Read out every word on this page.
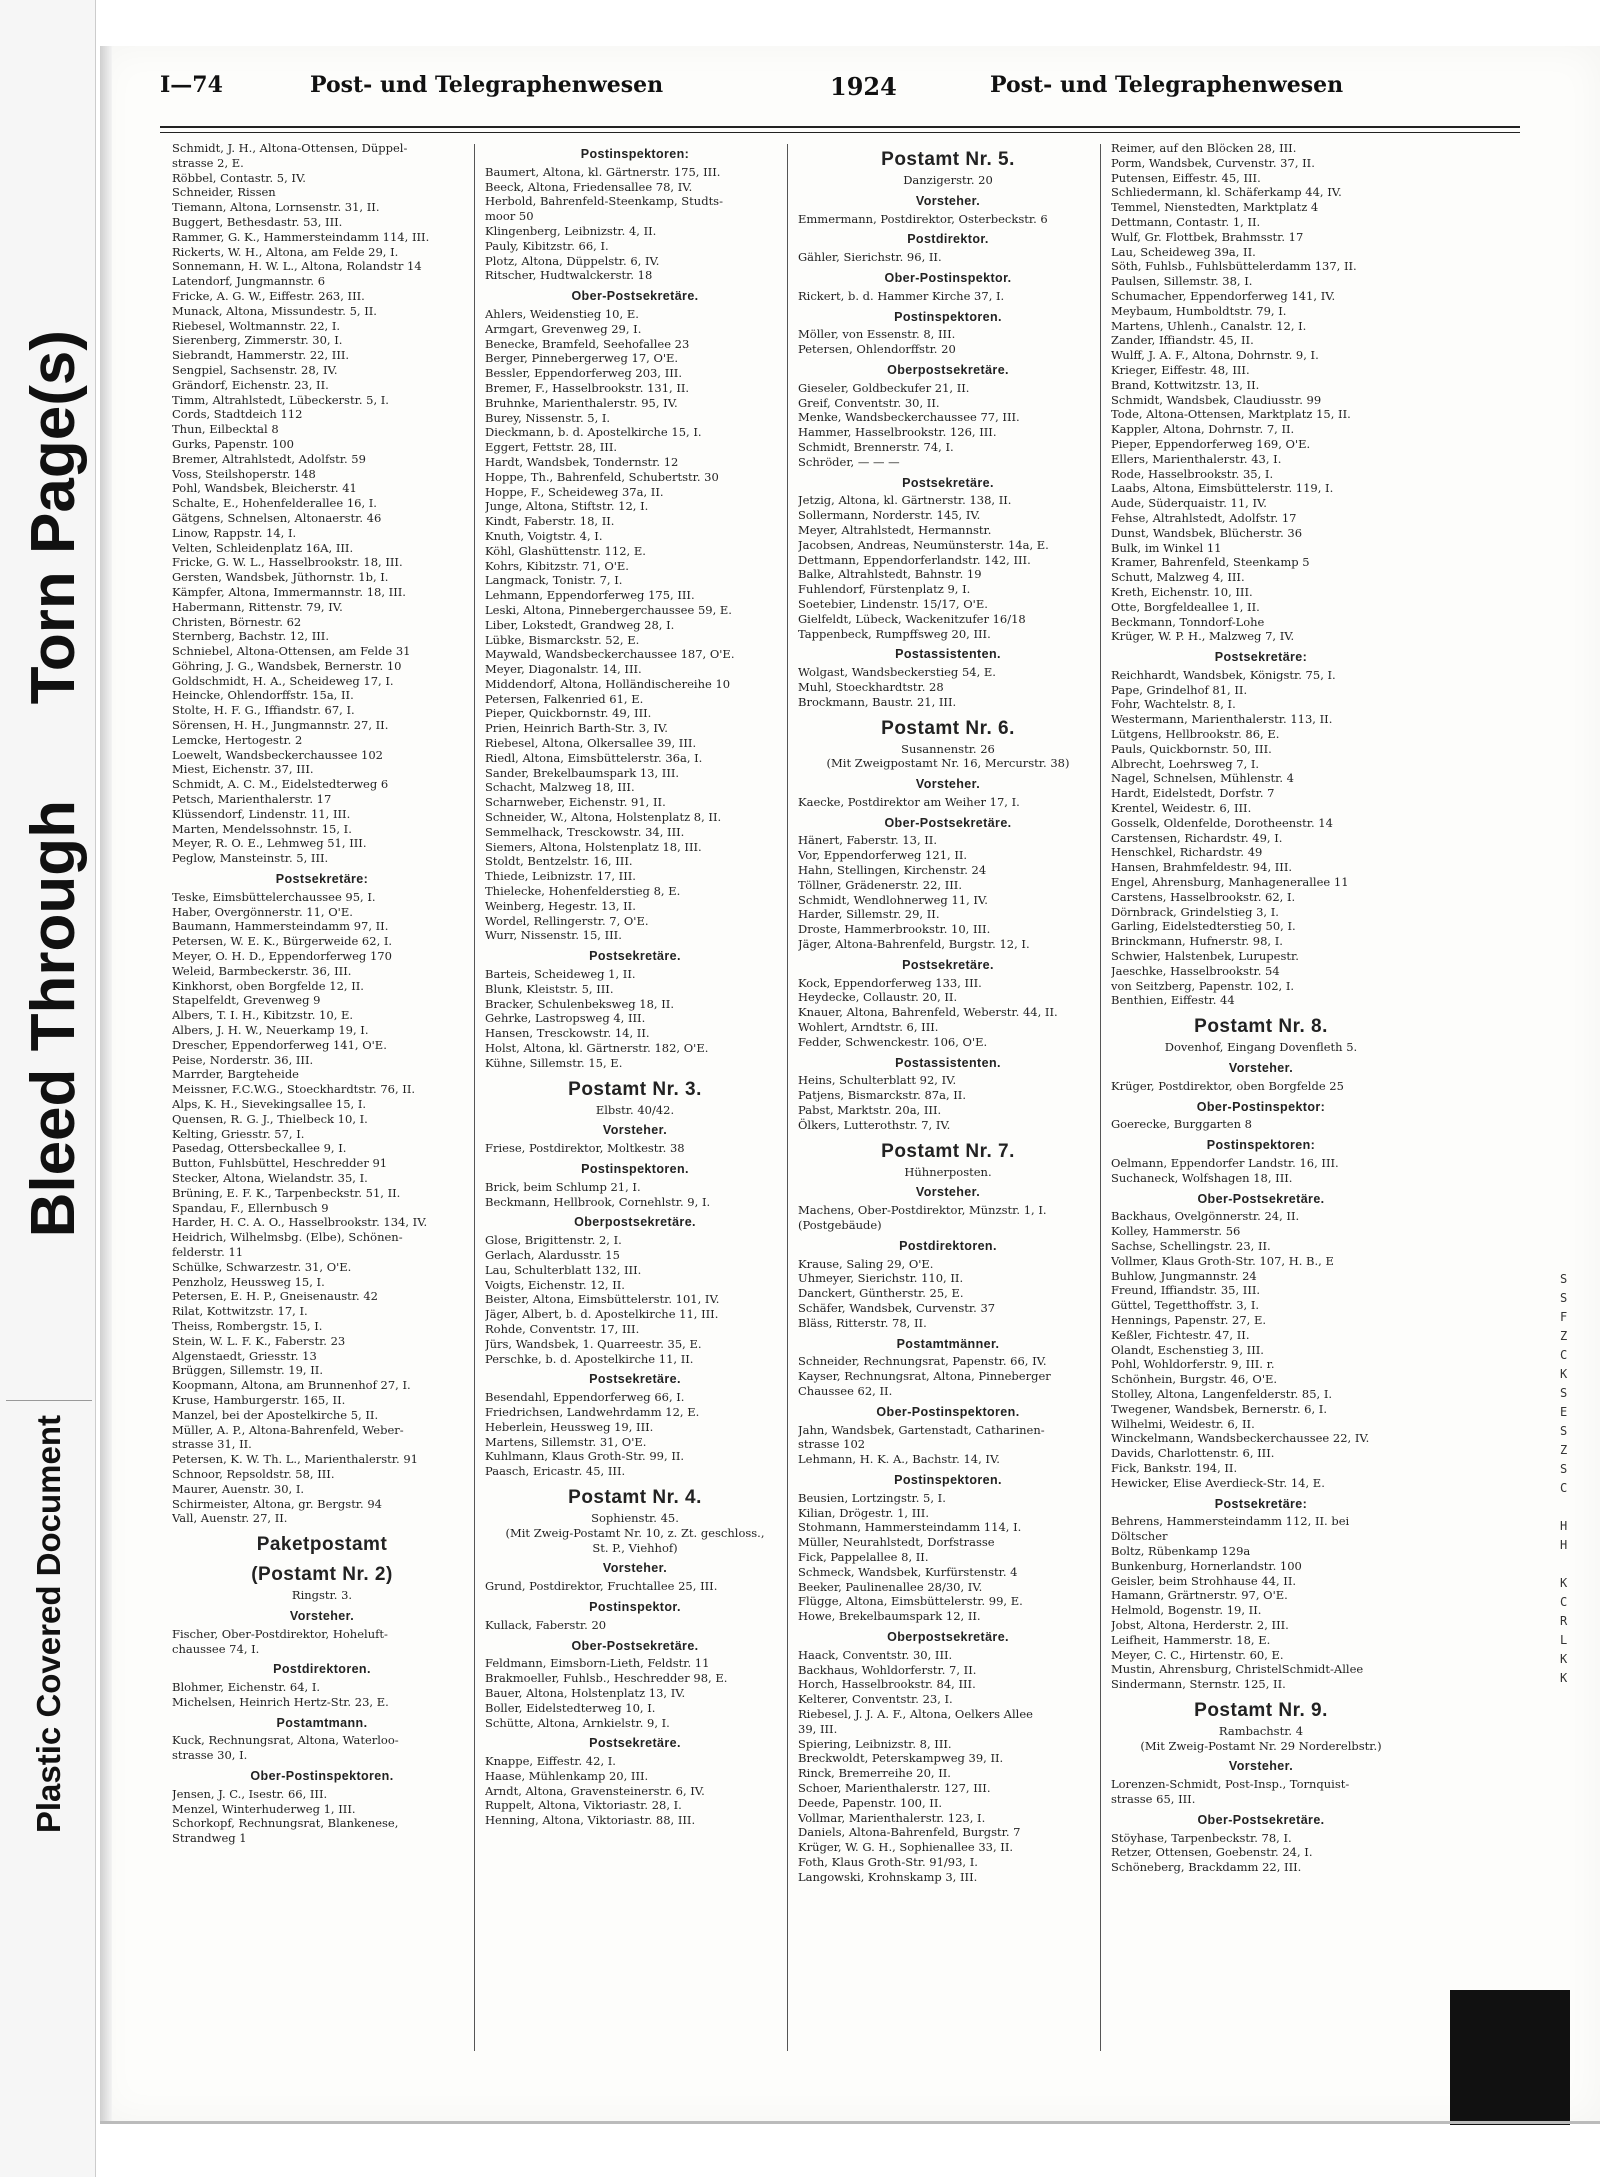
Torn Page(s)
Bleed Through
Plastic Covered Document
I—74	Post- und Telegraphenwesen	1924	Post- und Telegraphenwesen
Schmidt, J. H., Altona-Ottensen, Düppel-
strasse 2, E.
Röbbel, Contastr. 5, IV.
Schneider, Rissen
Tiemann, Altona, Lornsenstr. 31, II.
Buggert, Bethesdastr. 53, III.
Rammer, G. K., Hammersteindamm 114, III.
Rickerts, W. H., Altona, am Felde 29, I.
Sonnemann, H. W. L., Altona, Rolandstr 14
Latendorf, Jungmannstr. 6
Fricke, A. G. W., Eiffestr. 263, III.
Munack, Altona, Missundestr. 5, II.
Riebesel, Woltmannstr. 22, I.
Sierenberg, Zimmerstr. 30, I.
Siebrandt, Hammerstr. 22, III.
Sengpiel, Sachsenstr. 28, IV.
Grändorf, Eichenstr. 23, II.
Timm, Altrahlstedt, Lübeckerstr. 5, I.
Cords, Stadtdeich 112
Thun, Eilbecktal 8
Gurks, Papenstr. 100
Bremer, Altrahlstedt, Adolfstr. 59
Voss, Steilshoperstr. 148
Pohl, Wandsbek, Bleicherstr. 41
Schalte, E., Hohenfelderallee 16, I.
Gätgens, Schnelsen, Altonaerstr. 46
Linow, Rappstr. 14, I.
Velten, Schleidenplatz 16A, III.
Fricke, G. W. L., Hasselbrookstr. 18, III.
Gersten, Wandsbek, Jüthornstr. 1b, I.
Kämpfer, Altona, Immermannstr. 18, III.
Habermann, Rittenstr. 79, IV.
Christen, Börnestr. 62
Sternberg, Bachstr. 12, III.
Schniebel, Altona-Ottensen, am Felde 31
Göhring, J. G., Wandsbek, Bernerstr. 10
Goldschmidt, H. A., Scheideweg 17, I.
Heincke, Ohlendorffstr. 15a, II.
Stolte, H. F. G., Iffiandstr. 67, I.
Sörensen, H. H., Jungmannstr. 27, II.
Lemcke, Hertogestr. 2
Loewelt, Wandsbeckerchaussee 102
Miest, Eichenstr. 37, III.
Schmidt, A. C. M., Eidelstedterweg 6
Petsch, Marienthalerstr. 17
Klüssendorf, Lindenstr. 11, III.
Marten, Mendelssohnstr. 15, I.
Meyer, R. O. E., Lehmweg 51, III.
Peglow, Mansteinstr. 5, III.
Postsekretäre:
Teske, Eimsbüttelerchaussee 95, I.
Haber, Overgönnerstr. 11, O'E.
Baumann, Hammersteindamm 97, II.
Petersen, W. E. K., Bürgerweide 62, I.
Meyer, O. H. D., Eppendorferweg 170
Weleid, Barmbeckerstr. 36, III.
Kinkhorst, oben Borgfelde 12, II.
Stapelfeldt, Grevenweg 9
Albers, T. I. H., Kibitzstr. 10, E.
Albers, J. H. W., Neuerkamp 19, I.
Drescher, Eppendorferweg 141, O'E.
Peise, Norderstr. 36, III.
Marrder, Bargteheide
Meissner, F.C.W.G., Stoeckhardtstr. 76, II.
Alps, K. H., Sievekingsallee 15, I.
Quensen, R. G. J., Thielbeck 10, I.
Kelting, Griesstr. 57, I.
Pasedag, Ottersbeckallee 9, I.
Button, Fuhlsbüttel, Heschredder 91
Stecker, Altona, Wielandstr. 35, I.
Brüning, E. F. K., Tarpenbeckstr. 51, II.
Spandau, F., Ellernbusch 9
Harder, H. C. A. O., Hasselbrookstr. 134, IV.
Heidrich, Wilhelmsbg. (Elbe), Schönen-
felderstr. 11
Schülke, Schwarzestr. 31, O'E.
Penzholz, Heussweg 15, I.
Petersen, E. H. P., Gneisenaustr. 42
Rilat, Kottwitzstr. 17, I.
Theiss, Rombergstr. 15, I.
Stein, W. L. F. K., Faberstr. 23
Algenstaedt, Griesstr. 13
Brüggen, Sillemstr. 19, II.
Koopmann, Altona, am Brunnenhof 27, I.
Kruse, Hamburgerstr. 165, II.
Manzel, bei der Apostelkirche 5, II.
Müller, A. P., Altona-Bahrenfeld, Weber-
strasse 31, II.
Petersen, K. W. Th. L., Marienthalerstr. 91
Schnoor, Repsoldstr. 58, III.
Maurer, Auenstr. 30, I.
Schirmeister, Altona, gr. Bergstr. 94
Vall, Auenstr. 27, II.
Paketpostamt
(Postamt Nr. 2)
Ringstr. 3.
Vorsteher.
Fischer, Ober-Postdirektor, Hoheluft-
chaussee 74, I.
Postdirektoren.
Blohmer, Eichenstr. 64, I.
Michelsen, Heinrich Hertz-Str. 23, E.
Postamtmann.
Kuck, Rechnungsrat, Altona, Waterloo-
strasse 30, I.
Ober-Postinspektoren.
Jensen, J. C., Isestr. 66, III.
Menzel, Winterhuderweg 1, III.
Schorkopf, Rechnungsrat, Blankenese,
Strandweg 1
Postinspektoren:
Baumert, Altona, kl. Gärtnerstr. 175, III.
Beeck, Altona, Friedensallee 78, IV.
Herbold, Bahrenfeld-Steenkamp, Studts-
moor 50
Klingenberg, Leibnizstr. 4, II.
Pauly, Kibitzstr. 66, I.
Plotz, Altona, Düppelstr. 6, IV.
Ritscher, Hudtwalckerstr. 18
Ober-Postsekretäre.
Ahlers, Weidenstieg 10, E.
Armgart, Grevenweg 29, I.
Benecke, Bramfeld, Seehofallee 23
Berger, Pinnebergerweg 17, O'E.
Bessler, Eppendorferweg 203, III.
Bremer, F., Hasselbrookstr. 131, II.
Bruhnke, Marienthalerstr. 95, IV.
Burey, Nissenstr. 5, I.
Dieckmann, b. d. Apostelkirche 15, I.
Eggert, Fettstr. 28, III.
Hardt, Wandsbek, Tondernstr. 12
Hoppe, Th., Bahrenfeld, Schubertstr. 30
Hoppe, F., Scheideweg 37a, II.
Junge, Altona, Stiftstr. 12, I.
Kindt, Faberstr. 18, II.
Knuth, Voigtstr. 4, I.
Köhl, Glashüttenstr. 112, E.
Kohrs, Kibitzstr. 71, O'E.
Langmack, Tonistr. 7, I.
Lehmann, Eppendorferweg 175, III.
Leski, Altona, Pinnebergerchaussee 59, E.
Liber, Lokstedt, Grandweg 28, I.
Lübke, Bismarckstr. 52, E.
Maywald, Wandsbeckerchaussee 187, O'E.
Meyer, Diagonalstr. 14, III.
Middendorf, Altona, Holländischereihe 10
Petersen, Falkenried 61, E.
Pieper, Quickbornstr. 49, III.
Prien, Heinrich Barth-Str. 3, IV.
Riebesel, Altona, Olkersallee 39, III.
Riedl, Altona, Eimsbüttelerstr. 36a, I.
Sander, Brekelbaumspark 13, III.
Schacht, Malzweg 18, III.
Scharnweber, Eichenstr. 91, II.
Schneider, W., Altona, Holstenplatz 8, II.
Semmelhack, Tresckowstr. 34, III.
Siemers, Altona, Holstenplatz 18, III.
Stoldt, Bentzelstr. 16, III.
Thiede, Leibnizstr. 17, III.
Thielecke, Hohenfelderstieg 8, E.
Weinberg, Hegestr. 13, II.
Wordel, Rellingerstr. 7, O'E.
Wurr, Nissenstr. 15, III.
Postsekretäre.
Barteis, Scheideweg 1, II.
Blunk, Kleiststr. 5, III.
Bracker, Schulenbeksweg 18, II.
Gehrke, Lastropsweg 4, III.
Hansen, Tresckowstr. 14, II.
Holst, Altona, kl. Gärtnerstr. 182, O'E.
Kühne, Sillemstr. 15, E.
Postamt Nr. 3.
Elbstr. 40/42.
Vorsteher.
Friese, Postdirektor, Moltkestr. 38
Postinspektoren.
Brick, beim Schlump 21, I.
Beckmann, Hellbrook, Cornehlstr. 9, I.
Oberpostsekretäre.
Glose, Brigittenstr. 2, I.
Gerlach, Alardusstr. 15
Lau, Schulterblatt 132, III.
Voigts, Eichenstr. 12, II.
Beister, Altona, Eimsbüttelerstr. 101, IV.
Jäger, Albert, b. d. Apostelkirche 11, III.
Rohde, Conventstr. 17, III.
Jürs, Wandsbek, 1. Quarreestr. 35, E.
Perschke, b. d. Apostelkirche 11, II.
Postsekretäre.
Besendahl, Eppendorferweg 66, I.
Friedrichsen, Landwehrdamm 12, E.
Heberlein, Heussweg 19, III.
Martens, Sillemstr. 31, O'E.
Kuhlmann, Klaus Groth-Str. 99, II.
Paasch, Ericastr. 45, III.
Postamt Nr. 4.
Sophienstr. 45.
(Mit Zweig-Postamt Nr. 10, z. Zt. geschloss.,
St. P., Viehhof)
Vorsteher.
Grund, Postdirektor, Fruchtallee 25, III.
Postinspektor.
Kullack, Faberstr. 20
Ober-Postsekretäre.
Feldmann, Eimsborn-Lieth, Feldstr. 11
Brakmoeller, Fuhlsb., Heschredder 98, E.
Bauer, Altona, Holstenplatz 13, IV.
Boller, Eidelstedterweg 10, I.
Schütte, Altona, Arnkielstr. 9, I.
Postsekretäre.
Knappe, Eiffestr. 42, I.
Haase, Mühlenkamp 20, III.
Arndt, Altona, Gravensteinerstr. 6, IV.
Ruppelt, Altona, Viktoriastr. 28, I.
Henning, Altona, Viktoriastr. 88, III.
Postamt Nr. 5.
Danzigerstr. 20
Vorsteher.
Emmermann, Postdirektor, Osterbeckstr. 6
Postdirektor.
Gähler, Sierichstr. 96, II.
Ober-Postinspektor.
Rickert, b. d. Hammer Kirche 37, I.
Postinspektoren.
Möller, von Essenstr. 8, III.
Petersen, Ohlendorffstr. 20
Oberpostsekretäre.
Gieseler, Goldbeckufer 21, II.
Greif, Conventstr. 30, II.
Menke, Wandsbeckerchaussee 77, III.
Hammer, Hasselbrookstr. 126, III.
Schmidt, Brennerstr. 74, I.
Schröder, — — —
Postsekretäre.
Jetzig, Altona, kl. Gärtnerstr. 138, II.
Sollermann, Norderstr. 145, IV.
Meyer, Altrahlstedt, Hermannstr.
Jacobsen, Andreas, Neumünsterstr. 14a, E.
Dettmann, Eppendorferlandstr. 142, III.
Balke, Altrahlstedt, Bahnstr. 19
Fuhlendorf, Fürstenplatz 9, I.
Soetebier, Lindenstr. 15/17, O'E.
Gielfeldt, Lübeck, Wackenitzufer 16/18
Tappenbeck, Rumpffsweg 20, III.
Postassistenten.
Wolgast, Wandsbeckerstieg 54, E.
Muhl, Stoeckhardtstr. 28
Brockmann, Baustr. 21, III.
Postamt Nr. 6.
Susannenstr. 26
(Mit Zweigpostamt Nr. 16, Mercurstr. 38)
Vorsteher.
Kaecke, Postdirektor am Weiher 17, I.
Ober-Postsekretäre.
Hänert, Faberstr. 13, II.
Vor, Eppendorferweg 121, II.
Hahn, Stellingen, Kirchenstr. 24
Töllner, Grädenerstr. 22, III.
Schmidt, Wendlohnerweg 11, IV.
Harder, Sillemstr. 29, II.
Droste, Hammerbrookstr. 10, III.
Jäger, Altona-Bahrenfeld, Burgstr. 12, I.
Postsekretäre.
Kock, Eppendorferweg 133, III.
Heydecke, Collaustr. 20, II.
Knauer, Altona, Bahrenfeld, Weberstr. 44, II.
Wohlert, Arndtstr. 6, III.
Fedder, Schwenckestr. 106, O'E.
Postassistenten.
Heins, Schulterblatt 92, IV.
Patjens, Bismarckstr. 87a, II.
Pabst, Marktstr. 20a, III.
Ölkers, Lutterothstr. 7, IV.
Postamt Nr. 7.
Hühnerposten.
Vorsteher.
Machens, Ober-Postdirektor, Münzstr. 1, I.
(Postgebäude)
Postdirektoren.
Krause, Saling 29, O'E.
Uhmeyer, Sierichstr. 110, II.
Danckert, Güntherstr. 25, E.
Schäfer, Wandsbek, Curvenstr. 37
Bläss, Ritterstr. 78, II.
Postamtmänner.
Schneider, Rechnungsrat, Papenstr. 66, IV.
Kayser, Rechnungsrat, Altona, Pinneberger
Chaussee 62, II.
Ober-Postinspektoren.
Jahn, Wandsbek, Gartenstadt, Catharinen-
strasse 102
Lehmann, H. K. A., Bachstr. 14, IV.
Postinspektoren.
Beusien, Lortzingstr. 5, I.
Kilian, Drögestr. 1, III.
Stohmann, Hammersteindamm 114, I.
Müller, Neurahlstedt, Dorfstrasse
Fick, Pappelallee 8, II.
Schmeck, Wandsbek, Kurfürstenstr. 4
Beeker, Paulinenallee 28/30, IV.
Flügge, Altona, Eimsbüttelerstr. 99, E.
Howe, Brekelbaumspark 12, II.
Oberpostsekretäre.
Haack, Conventstr. 30, III.
Backhaus, Wohldorferstr. 7, II.
Horch, Hasselbrookstr. 84, III.
Kelterer, Conventstr. 23, I.
Riebesel, J. J. A. F., Altona, Oelkers Allee
39, III.
Spiering, Leibnizstr. 8, III.
Breckwoldt, Peterskampweg 39, II.
Rinck, Bremerreihe 20, II.
Schoer, Marienthalerstr. 127, III.
Deede, Papenstr. 100, II.
Vollmar, Marienthalerstr. 123, I.
Daniels, Altona-Bahrenfeld, Burgstr. 7
Krüger, W. G. H., Sophienallee 33, II.
Foth, Klaus Groth-Str. 91/93, I.
Langowski, Krohnskamp 3, III.
Reimer, auf den Blöcken 28, III.
Porm, Wandsbek, Curvenstr. 37, II.
Putensen, Eiffestr. 45, III.
Schliedermann, kl. Schäferkamp 44, IV.
Temmel, Nienstedten, Marktplatz 4
Dettmann, Contastr. 1, II.
Wulf, Gr. Flottbek, Brahmsstr. 17
Lau, Scheideweg 39a, II.
Söth, Fuhlsb., Fuhlsbüttelerdamm 137, II.
Paulsen, Sillemstr. 38, I.
Schumacher, Eppendorferweg 141, IV.
Meybaum, Humboldtstr. 79, I.
Martens, Uhlenh., Canalstr. 12, I.
Zander, Iffiandstr. 45, II.
Wulff, J. A. F., Altona, Dohrnstr. 9, I.
Krieger, Eiffestr. 48, III.
Brand, Kottwitzstr. 13, II.
Schmidt, Wandsbek, Claudiusstr. 99
Tode, Altona-Ottensen, Marktplatz 15, II.
Kappler, Altona, Dohrnstr. 7, II.
Pieper, Eppendorferweg 169, O'E.
Ellers, Marienthalerstr. 43, I.
Rode, Hasselbrookstr. 35, I.
Laabs, Altona, Eimsbüttelerstr. 119, I.
Aude, Süderquaistr. 11, IV.
Fehse, Altrahlstedt, Adolfstr. 17
Dunst, Wandsbek, Blücherstr. 36
Bulk, im Winkel 11
Kramer, Bahrenfeld, Steenkamp 5
Schutt, Malzweg 4, III.
Kreth, Eichenstr. 10, III.
Otte, Borgfeldeallee 1, II.
Beckmann, Tonndorf-Lohe
Krüger, W. P. H., Malzweg 7, IV.
Postsekretäre:
Reichhardt, Wandsbek, Königstr. 75, I.
Pape, Grindelhof 81, II.
Fohr, Wachtelstr. 8, I.
Westermann, Marienthalerstr. 113, II.
Lütgens, Hellbrookstr. 86, E.
Pauls, Quickbornstr. 50, III.
Albrecht, Loehrsweg 7, I.
Nagel, Schnelsen, Mühlenstr. 4
Hardt, Eidelstedt, Dorfstr. 7
Krentel, Weidestr. 6, III.
Gosselk, Oldenfelde, Dorotheenstr. 14
Carstensen, Richardstr. 49, I.
Henschkel, Richardstr. 49
Hansen, Brahmfeldestr. 94, III.
Engel, Ahrensburg, Manhagenerallee 11
Carstens, Hasselbrookstr. 62, I.
Dörnbrack, Grindelstieg 3, I.
Garling, Eidelstedterstieg 50, I.
Brinckmann, Hufnerstr. 98, I.
Schwier, Halstenbek, Lurupestr.
Jaeschke, Hasselbrookstr. 54
von Seitzberg, Papenstr. 102, I.
Benthien, Eiffestr. 44
Postamt Nr. 8.
Dovenhof, Eingang Dovenfleth 5.
Vorsteher.
Krüger, Postdirektor, oben Borgfelde 25
Ober-Postinspektor:
Goerecke, Burggarten 8
Postinspektoren:
Oelmann, Eppendorfer Landstr. 16, III.
Suchaneck, Wolfshagen 18, III.
Ober-Postsekretäre.
Backhaus, Ovelgönnerstr. 24, II.
Kolley, Hammerstr. 56
Sachse, Schellingstr. 23, II.
Vollmer, Klaus Groth-Str. 107, H. B., E
Buhlow, Jungmannstr. 24
Freund, Iffiandstr. 35, III.
Güttel, Tegetthoffstr. 3, I.
Hennings, Papenstr. 27, E.
Keßler, Fichtestr. 47, II.
Olandt, Eschenstieg 3, III.
Pohl, Wohldorferstr. 9, III. r.
Schönhein, Burgstr. 46, O'E.
Stolley, Altona, Langenfelderstr. 85, I.
Twegener, Wandsbek, Bernerstr. 6, I.
Wilhelmi, Weidestr. 6, II.
Winckelmann, Wandsbeckerchaussee 22, IV.
Davids, Charlottenstr. 6, III.
Fick, Bankstr. 194, II.
Hewicker, Elise Averdieck-Str. 14, E.
Postsekretäre:
Behrens, Hammersteindamm 112, II. bei
Döltscher
Boltz, Rübenkamp 129a
Bunkenburg, Hornerlandstr. 100
Geisler, beim Strohhause 44, II.
Hamann, Grärtnerstr. 97, O'E.
Helmold, Bogenstr. 19, II.
Jobst, Altona, Herderstr. 2, III.
Leifheit, Hammerstr. 18, E.
Meyer, C. C., Hirtenstr. 60, E.
Mustin, Ahrensburg, ChristelSchmidt-Allee
Sindermann, Sternstr. 125, II.
Postamt Nr. 9.
Rambachstr. 4
(Mit Zweig-Postamt Nr. 29 Norderelbstr.)
Vorsteher.
Lorenzen-Schmidt, Post-Insp., Tornquist-
strasse 65, III.
Ober-Postsekretäre.
Stöyhase, Tarpenbeckstr. 78, I.
Retzer, Ottensen, Goebenstr. 24, I.
Schöneberg, Brackdamm 22, III.
S
S
F
Z
C
K
S
E
S
Z
S
C
H
H
K
C
R
L
K
K
